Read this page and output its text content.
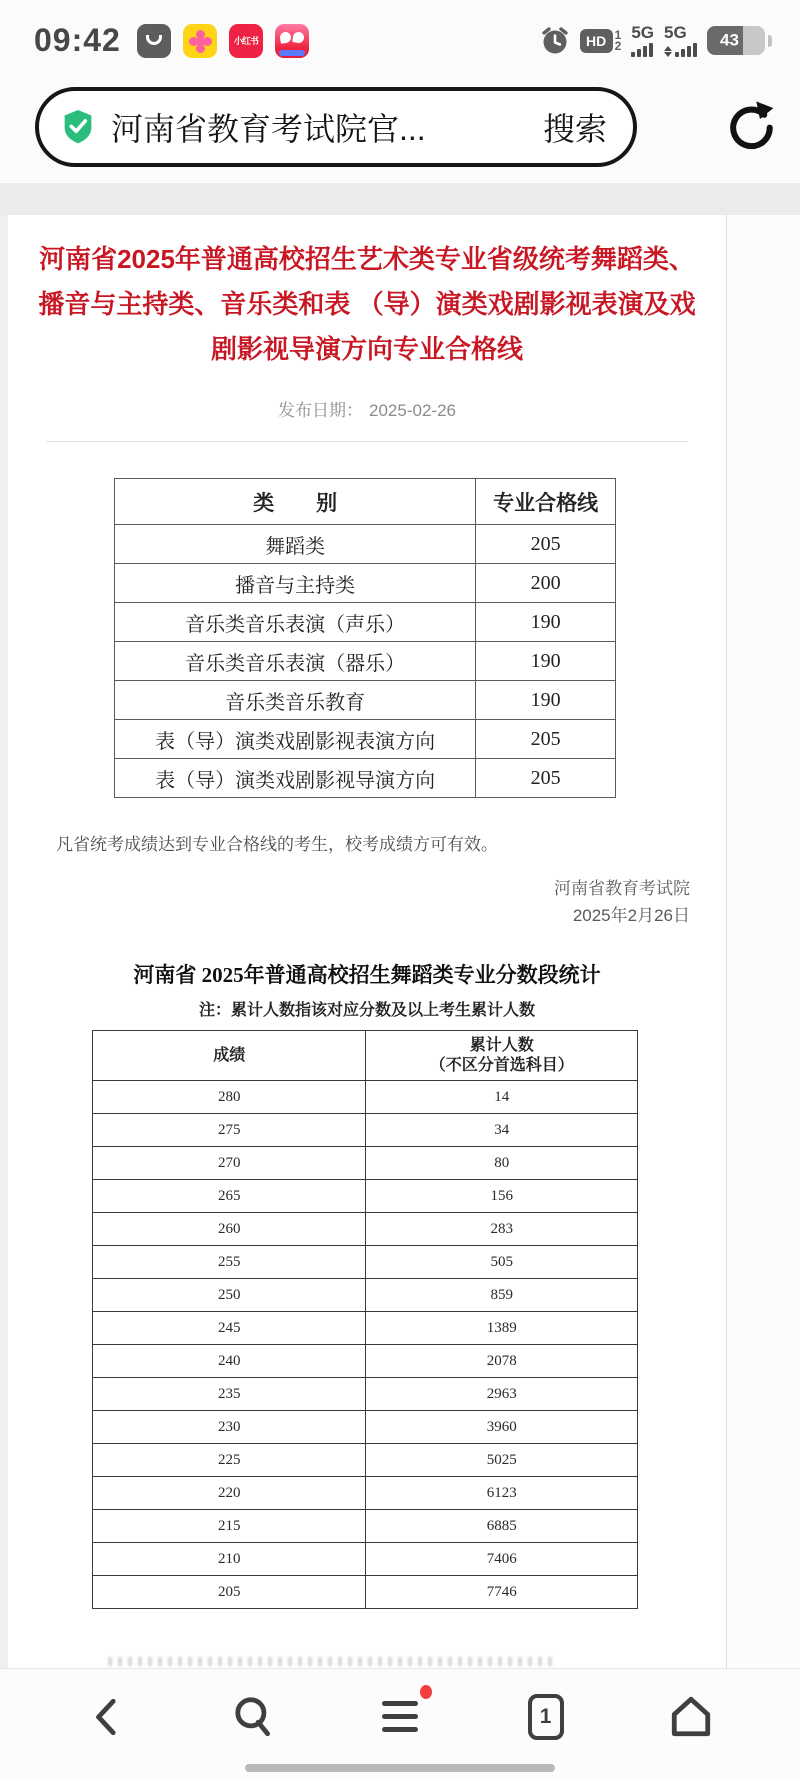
09:42	小红书	HD 1
2
5G 5G 43
河南省教育考试院官...	搜索
河南省2025年普通高校招生艺术类专业省级统考舞蹈类、播音与主持类、音乐类和表 （导）演类戏剧影视表演及戏剧影视导演方向专业合格线
发布日期： 2025-02-26
类　　别	专业合格线
舞蹈类	205
播音与主持类	200
音乐类音乐表演（声乐）	190
音乐类音乐表演（器乐）	190
音乐类音乐教育	190
表（导）演类戏剧影视表演方向	205
表（导）演类戏剧影视导演方向	205

凡省统考成绩达到专业合格线的考生，校考成绩方可有效。

河南省教育考试院
2025年2月26日
河南省 2025年普通高校招生舞蹈类专业分数段统计

注：累计人数指该对应分数及以上考生累计人数

成绩	累计人数
（不区分首选科目）

280	14
275	34
270	80
265	156
260	283
255	505
250	859
245	1389
240	2078
235	2963
230	3960
225	5025
220	6123
215	6885
210	7406
205	7746
1
